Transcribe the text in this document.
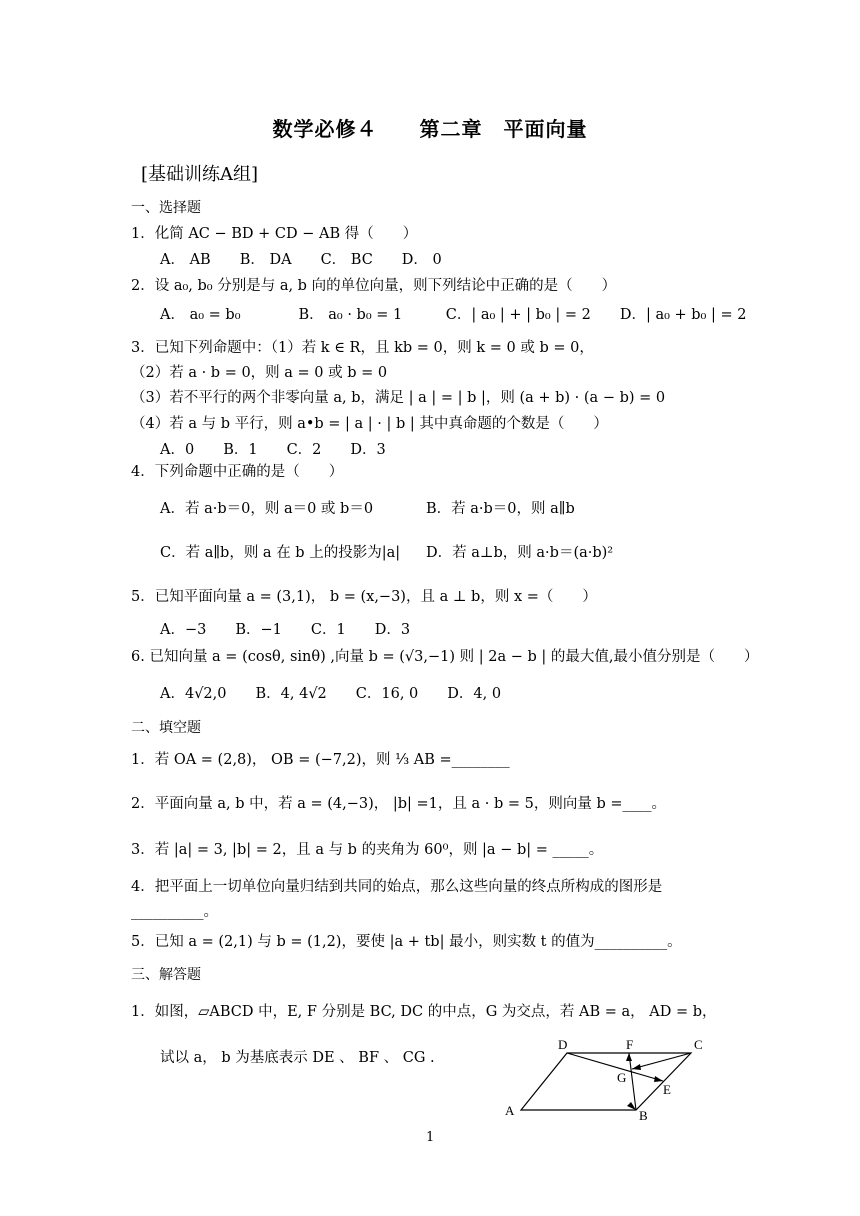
数学必修４　　第二章　平面向量
[基础训练A组]
一、选择题
1．化简 AC − BD + CD − AB 得（　　）
A． AB　　B． DA　　C． BC　　D． 0
2．设 a₀, b₀ 分别是与 a, b 向的单位向量，则下列结论中正确的是（　　）
A． a₀ = b₀　　　　B． a₀ · b₀ = 1　　　C．| a₀ | + | b₀ | = 2　　D．| a₀ + b₀ | = 2
3．已知下列命题中：（1）若 k ∈ R，且 kb = 0，则 k = 0 或 b = 0，
（2）若 a · b = 0，则 a = 0 或 b = 0
（3）若不平行的两个非零向量 a, b，满足 | a | = | b |，则 (a + b) · (a − b) = 0
（4）若 a 与 b 平行，则 a•b = | a | · | b | 其中真命题的个数是（　　）
A．0　　B．1　　C．2　　D．3
4．下列命题中正确的是（　　）
A．若 a·b＝0，则 a＝0 或 b＝0	B．若 a·b＝0，则 a∥b
C．若 a∥b，则 a 在 b 上的投影为|a| D．若 a⊥b，则 a·b＝(a·b)²
5．已知平面向量 a = (3,1)， b = (x,−3)，且 a ⊥ b，则 x =（　　）
A．−3　　B．−1　　C．1　　D．3
6. 已知向量 a = (cosθ, sinθ) ,向量 b = (√3,−1) 则 | 2a − b | 的最大值,最小值分别是（　　）
A．4√2,0　　B．4, 4√2　　C．16, 0　　D．4, 0
二、填空题
1．若 OA = (2,8)， OB = (−7,2)，则 ⅓ AB =________
2．平面向量 a, b 中，若 a = (4,−3)， |b| =1，且 a · b = 5，则向量 b =____。
3．若 |a| = 3, |b| = 2，且 a 与 b 的夹角为 60⁰，则 |a − b| = _____。
4．把平面上一切单位向量归结到共同的始点，那么这些向量的终点所构成的图形是
__________。
5．已知 a = (2,1) 与 b = (1,2)，要使 |a + tb| 最小，则实数 t 的值为__________。
三、解答题
1．如图，▱ABCD 中，E, F 分别是 BC, DC 的中点，G 为交点，若 AB = a， AD = b，
试以 a， b 为基底表示 DE 、 BF 、 CG .
D	F	C
G
E
A	B
1
